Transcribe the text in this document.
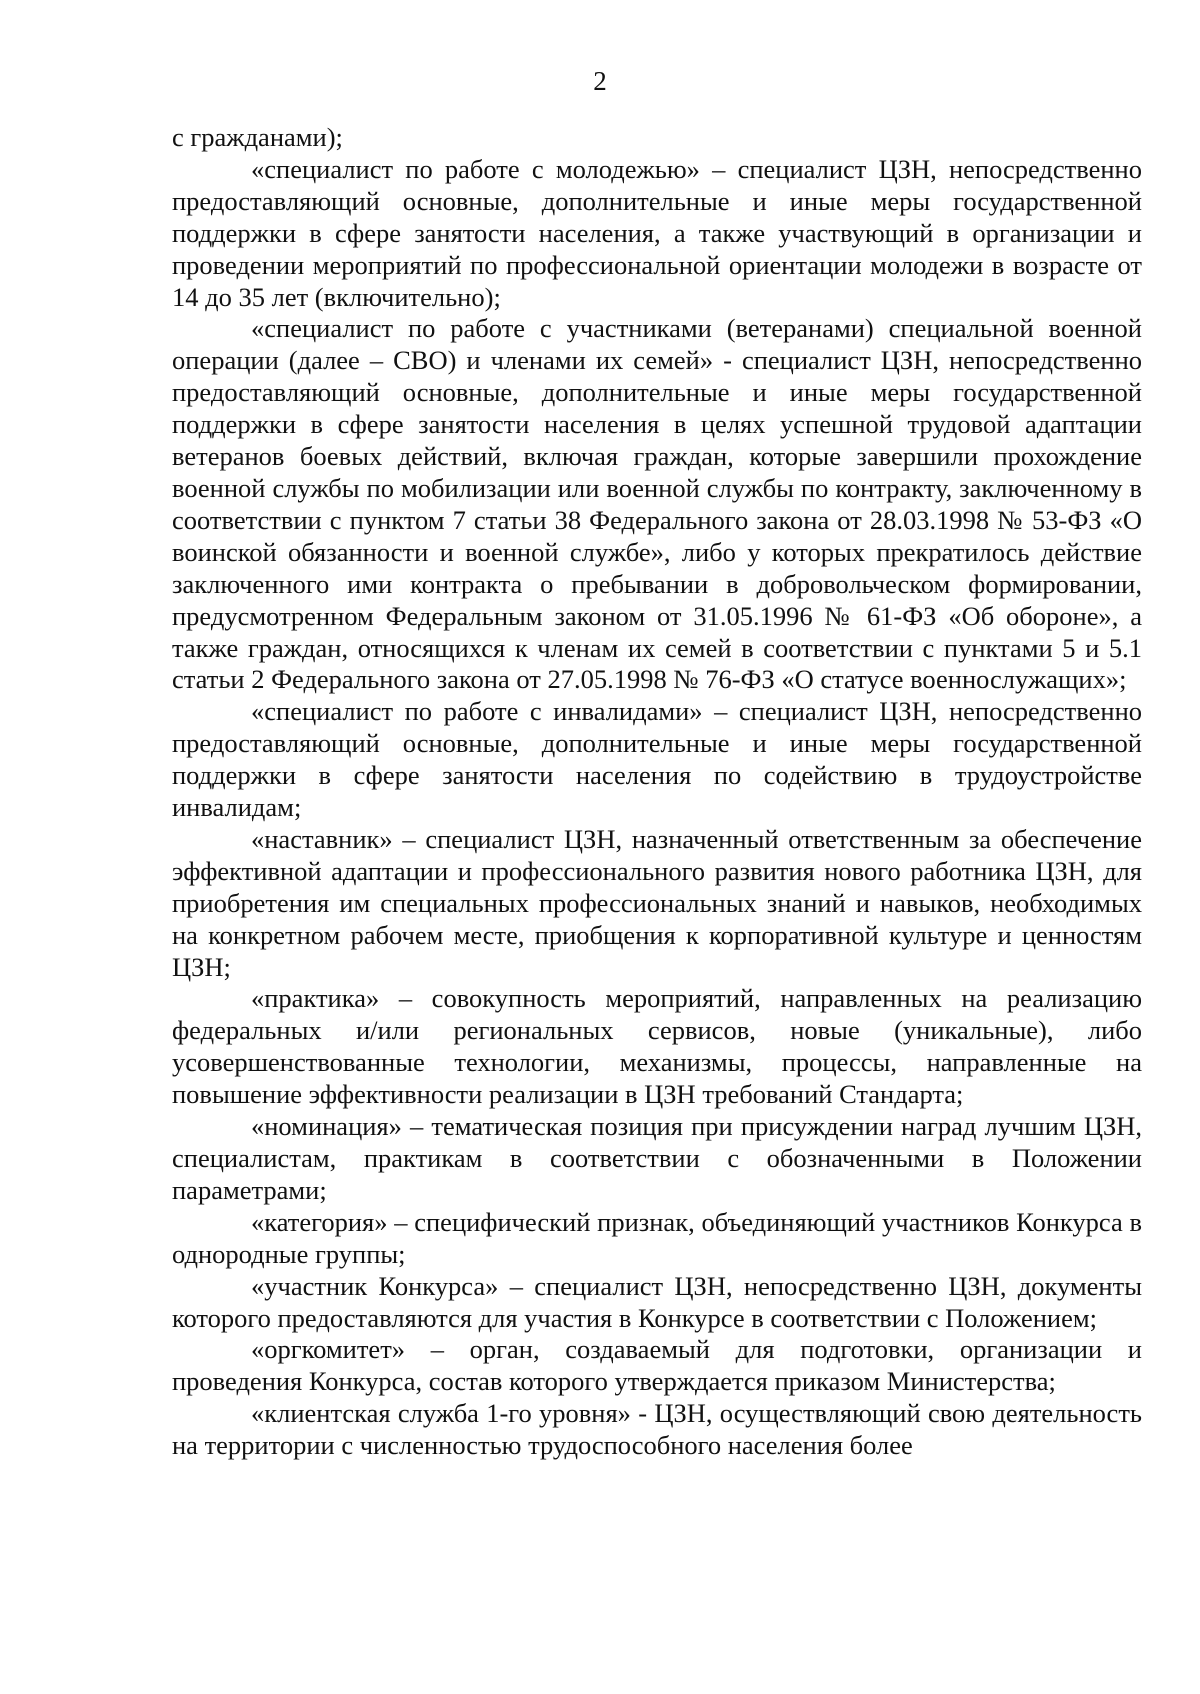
2

с гражданами);

«специалист по работе с молодежью» – специалист ЦЗН, непосредственно предоставляющий основные, дополнительные и иные меры государственной поддержки в сфере занятости населения, а также участвующий в организации и проведении мероприятий по профессиональной ориентации молодежи в возрасте от 14 до 35 лет (включительно);

«специалист по работе с участниками (ветеранами) специальной военной операции (далее – СВО) и членами их семей» - специалист ЦЗН, непосредственно предоставляющий основные, дополнительные и иные меры государственной поддержки в сфере занятости населения в целях успешной трудовой адаптации ветеранов боевых действий, включая граждан, которые завершили прохождение военной службы по мобилизации или военной службы по контракту, заключенному в соответствии с пунктом 7 статьи 38 Федерального закона от 28.03.1998 № 53-ФЗ «О воинской обязанности и военной службе», либо у которых прекратилось действие заключенного ими контракта о пребывании в добровольческом формировании, предусмотренном Федеральным законом от 31.05.1996 № 61-ФЗ «Об обороне», а также граждан, относящихся к членам их семей в соответствии с пунктами 5 и 5.1 статьи 2 Федерального закона от 27.05.1998 № 76-ФЗ «О статусе военнослужащих»;

«специалист по работе с инвалидами» – специалист ЦЗН, непосредственно предоставляющий основные, дополнительные и иные меры государственной поддержки в сфере занятости населения по содействию в трудоустройстве инвалидам;

«наставник» – специалист ЦЗН, назначенный ответственным за обеспечение эффективной адаптации и профессионального развития нового работника ЦЗН, для приобретения им специальных профессиональных знаний и навыков, необходимых на конкретном рабочем месте, приобщения к корпоративной культуре и ценностям ЦЗН;

«практика» – совокупность мероприятий, направленных на реализацию федеральных и/или региональных сервисов, новые (уникальные), либо усовершенствованные технологии, механизмы, процессы, направленные на повышение эффективности реализации в ЦЗН требований Стандарта;

«номинация» – тематическая позиция при присуждении наград лучшим ЦЗН, специалистам, практикам в соответствии с обозначенными в Положении параметрами;

«категория» – специфический признак, объединяющий участников Конкурса в однородные группы;

«участник Конкурса» – специалист ЦЗН, непосредственно ЦЗН, документы которого предоставляются для участия в Конкурсе в соответствии с Положением;

«оргкомитет» – орган, создаваемый для подготовки, организации и проведения Конкурса, состав которого утверждается приказом Министерства;

«клиентская служба 1-го уровня» - ЦЗН, осуществляющий свою деятельность на территории с численностью трудоспособного населения более
